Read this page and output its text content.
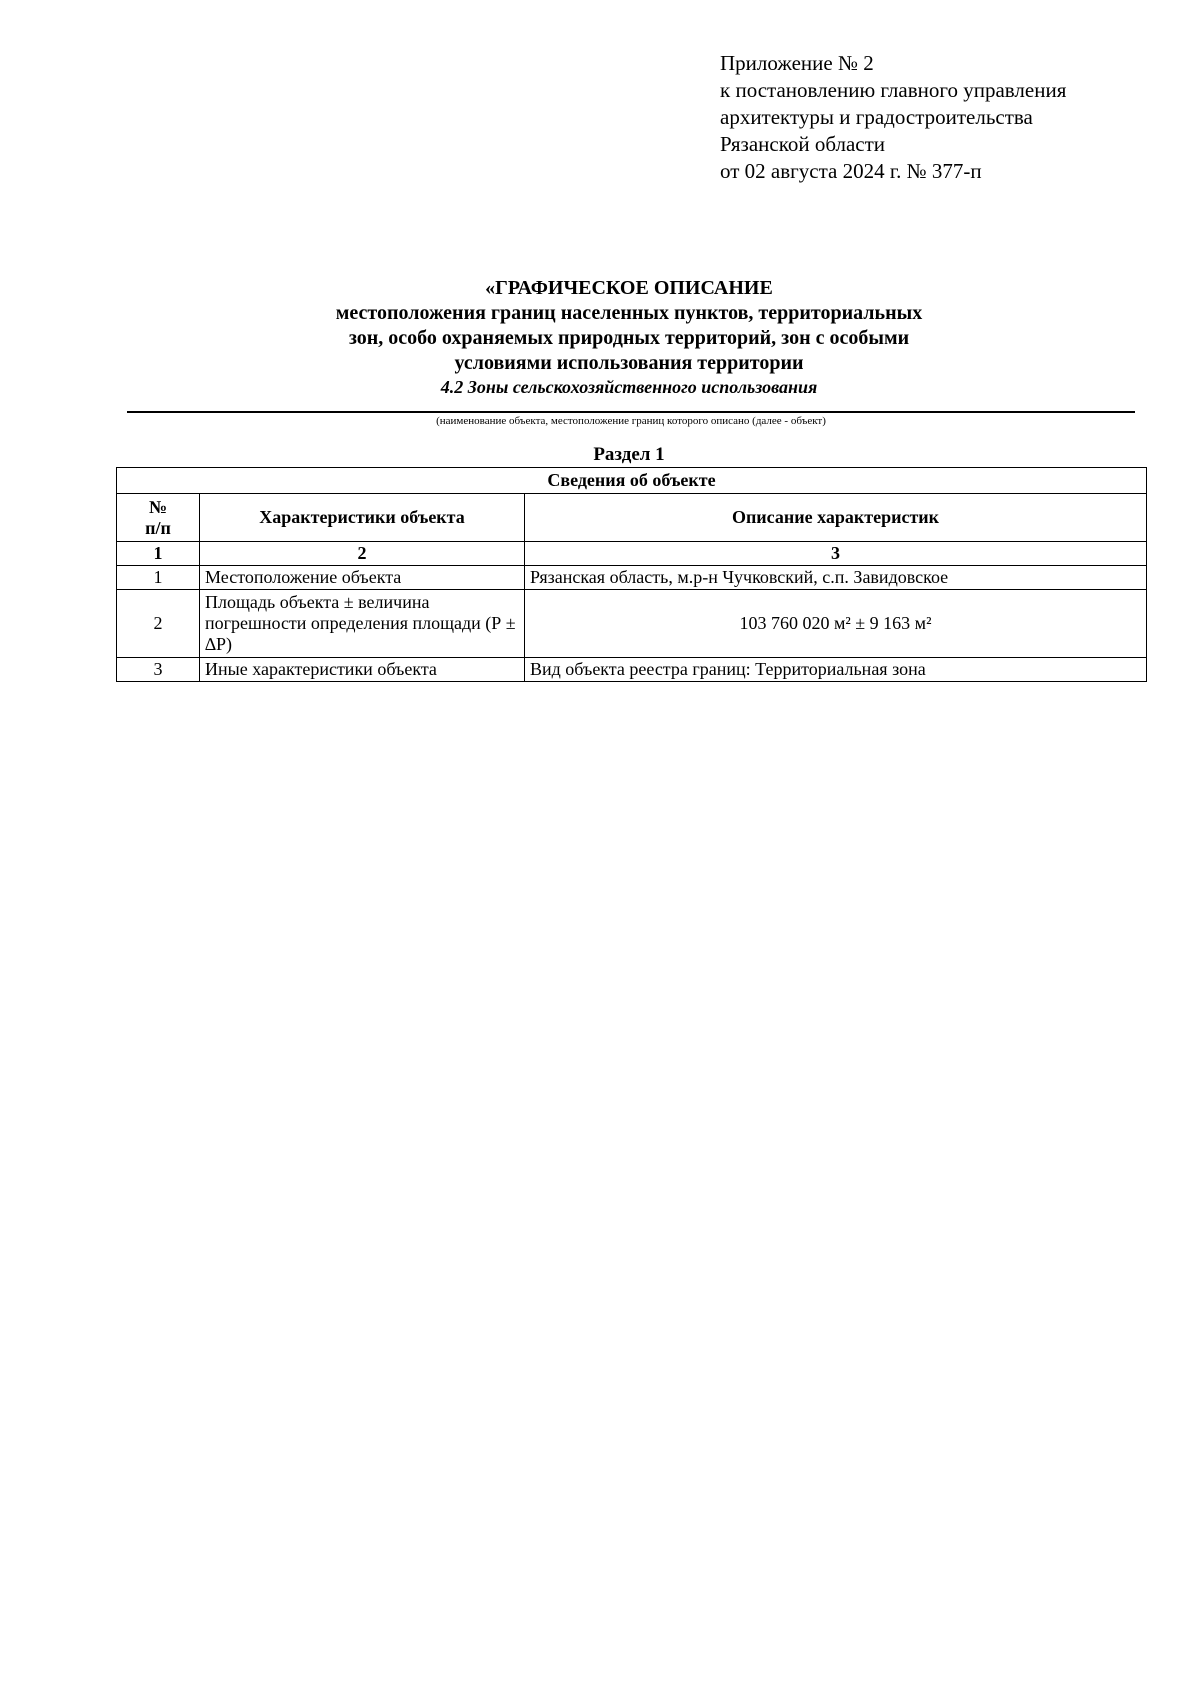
Приложение № 2
к постановлению главного управления
архитектуры и градостроительства
Рязанской области
от 02 августа 2024 г. № 377-п
«ГРАФИЧЕСКОЕ ОПИСАНИЕ
местоположения границ населенных пунктов, территориальных
зон, особо охраняемых природных территорий, зон с особыми
условиями использования территории
4.2 Зоны сельскохозяйственного использования
(наименование объекта, местоположение границ которого описано (далее - объект)
Раздел 1
Сведения об объекте		

№
п/п	Характеристики объекта	Описание характеристик
1	2	3
1	Местоположение объекта	Рязанская область, м.р-н Чучковский, с.п. Завидовское
2	Площадь объекта ± величина погрешности определения площади (Р ± ∆Р)	103 760 020 м² ± 9 163 м²
3	Иные характеристики объекта	Вид объекта реестра границ: Территориальная зона
